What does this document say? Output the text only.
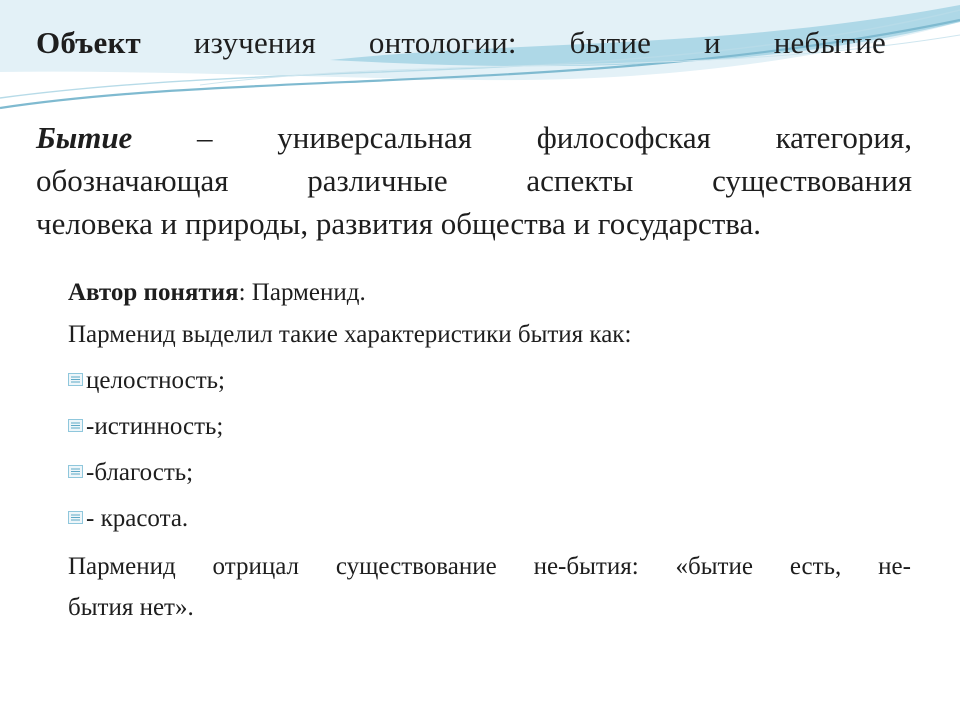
Объект изучения онтологии: бытие и небытие
Бытие – универсальная философская категория,
обозначающая	различные	аспекты	существования
человека и природы, развития общества и государства.

Автор понятия: Парменид.

Парменид выделил такие характеристики бытия как:

целостность;
-истинность;
-благость;
- красота.

Парменид отрицал существование не-бытия: «бытие есть, не-
бытия нет».
